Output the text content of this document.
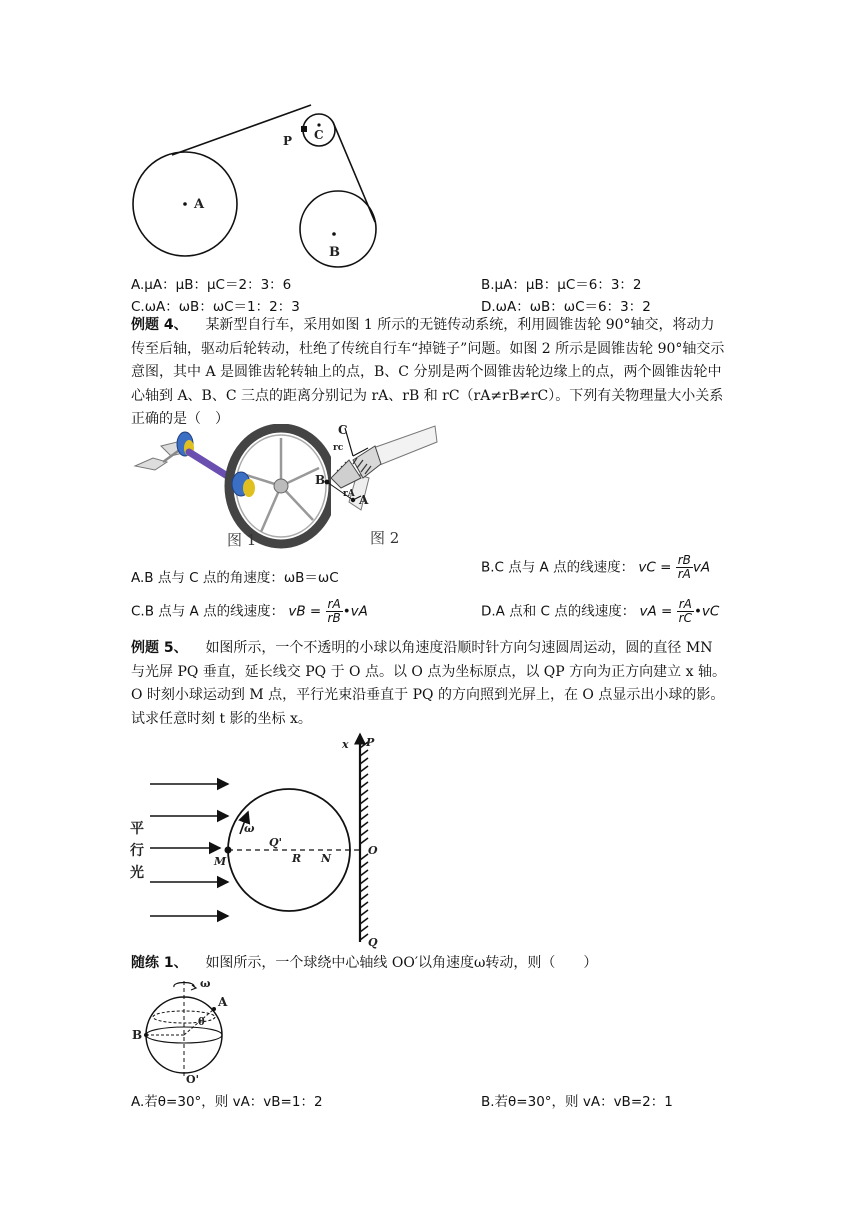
A
B
C
P
A.μA：μB：μC＝2：3：6	B.μA：μB：μC＝6：3：2
C.ωA：ωB：ωC＝1：2：3	D.ωA：ωB：ωC＝6：3：2
例题 4、 某新型自行车，采用如图 1 所示的无链传动系统，利用圆锥齿轮 90°轴交，将动力传至后轴，驱动后轮转动，杜绝了传统自行车“掉链子”问题。如图 2 所示是圆锥齿轮 90°轴交示意图，其中 A 是圆锥齿轮转轴上的点，B、C 分别是两个圆锥齿轮边缘上的点，两个圆锥齿轮中心轴到 A、B、C 三点的距离分别记为 rA、rB 和 rC（rA≠rB≠rC）。下列有关物理量大小关系正确的是（　）
图 1
C
rc
B
rA A
图 2
A.B 点与 C 点的角速度：ωB＝ωC
B.C 点与 A 点的线速度： vC = $\frac{rB}{rA}$ vA
C.B 点与 A 点的线速度： vB = $\frac{rA}{rB}$ •vA	D.A 点和 C 点的线速度： vA = $\frac{rA}{rC}$ •vC
例题 5、 如图所示，一个不透明的小球以角速度沿顺时针方向匀速圆周运动，圆的直径 MN 与光屏 PQ 垂直，延长线交 PQ 于 O 点。以 O 点为坐标原点，以 QP 方向为正方向建立 x 轴。O 时刻小球运动到 M 点，平行光束沿垂直于 PQ 的方向照到光屏上，在 O 点显示出小球的影。试求任意时刻 t 影的坐标 x。
x P
平
行
光
ω
M
Q'
R N
O
Q
随练 1、 如图所示，一个球绕中心轴线 OO′以角速度ω转动，则（　　）
ω
A
B
θ
O'
A.若θ=30°，则 vA：vB=1：2	B.若θ=30°，则 vA：vB=2：1
